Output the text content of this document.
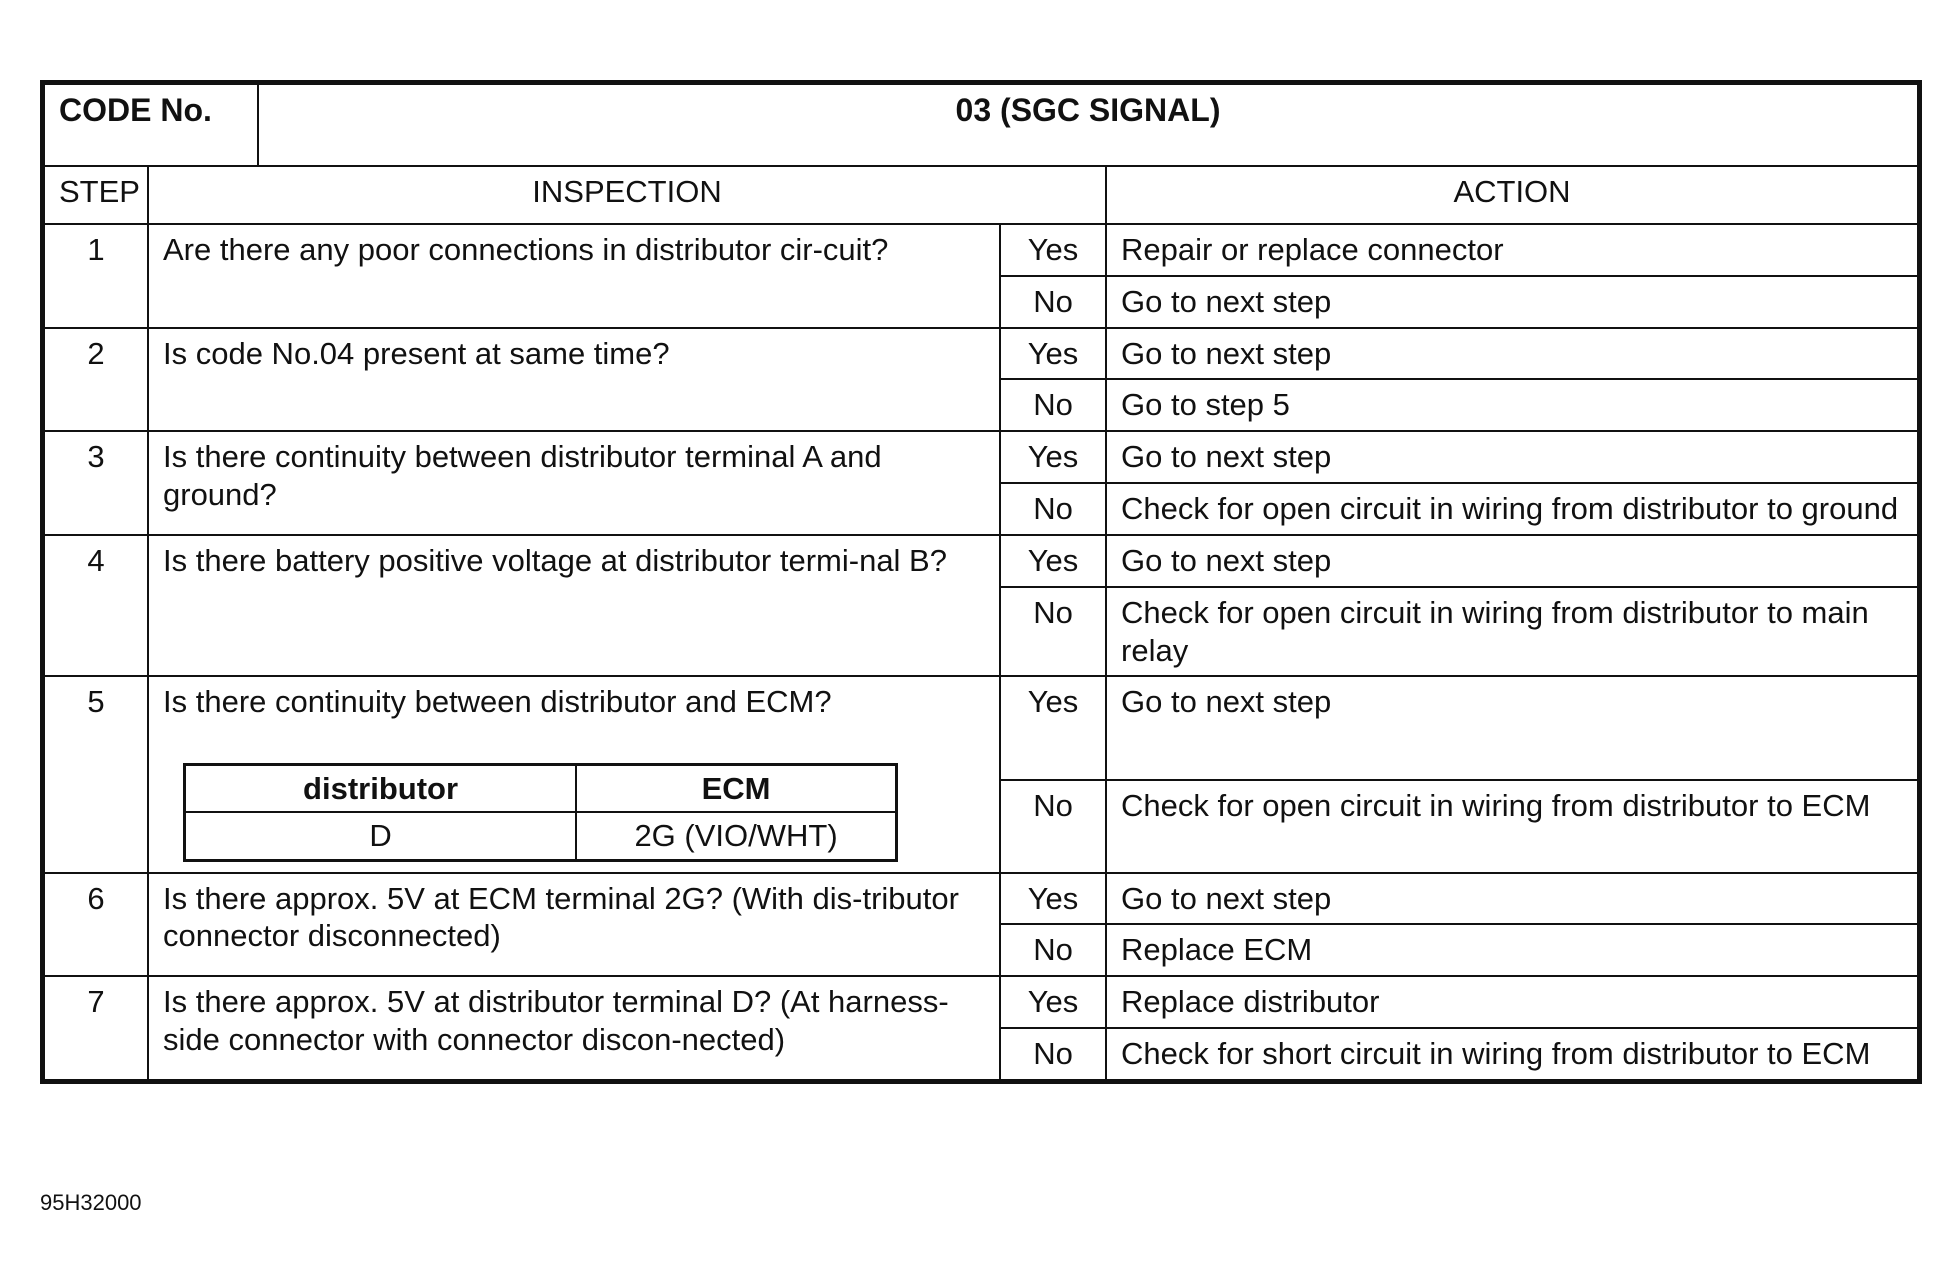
CODE No.	03 (SGC SIGNAL)
STEP	INSPECTION	ACTION
1	Are there any poor connections in distributor cir-cuit?	Yes	Repair or replace connector
No	Go to next step
2	Is code No.04 present at same time?	Yes	Go to next step
No	Go to step 5
3	Is there continuity between distributor terminal A and ground?	Yes	Go to next step
No	Check for open circuit in wiring from distributor to ground
4	Is there battery positive voltage at distributor termi-nal B?	Yes	Go to next step
No	Check for open circuit in wiring from distributor to main relay
5	Is there continuity between distributor and ECM?
distributor	ECM
D	2G (VIO/WHT)
	Yes	Go to next step
No	Check for open circuit in wiring from distributor to ECM
6	Is there approx. 5V at ECM terminal 2G? (With dis-tributor connector disconnected)	Yes	Go to next step
No	Replace ECM
7	Is there approx. 5V at distributor terminal D? (At harness-side connector with connector discon-nected)	Yes	Replace distributor
No	Check for short circuit in wiring from distributor to ECM
95H32000
